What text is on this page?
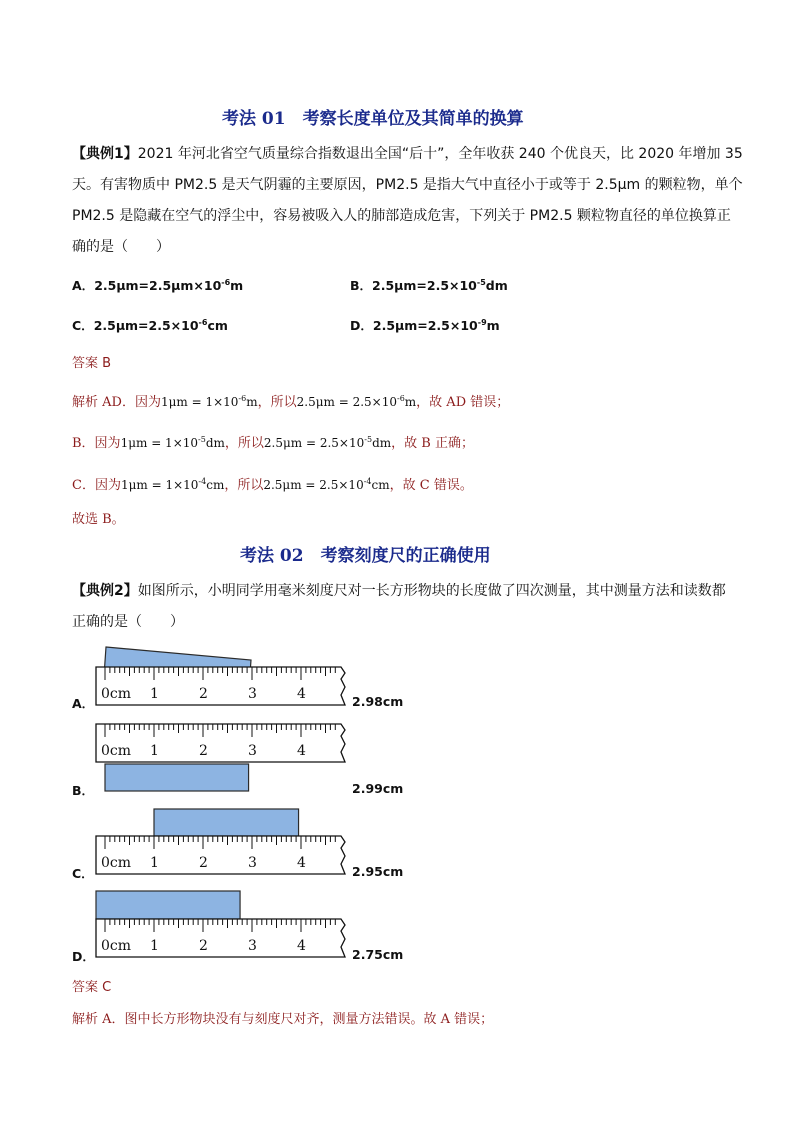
考法 01　考察长度单位及其简单的换算
【典例1】2021 年河北省空气质量综合指数退出全国“后十”，全年收获 240 个优良天，比 2020 年增加 35
天。有害物质中 PM2.5 是天气阴霾的主要原因，PM2.5 是指大气中直径小于或等于 2.5μm 的颗粒物，单个
PM2.5 是隐藏在空气的浮尘中，容易被吸入人的肺部造成危害，下列关于 PM2.5 颗粒物直径的单位换算正
确的是（　　）
A．$2.5\mu m=2.5\mu m\times 10^{-6}m$	B．$2.5\mu m=2.5\times 10^{-5}dm$
C．$2.5\mu m=2.5\times 10^{-6}cm$	D．$2.5\mu m=2.5\times 10^{-9}m$
答案 B
解析 AD．因为$1\mu m = 1\times 10^{-6}m$，所以$2.5\mu m = 2.5\times 10^{-6}m$，故 AD 错误；
B．因为$1\mu m = 1\times 10^{-5}dm$，所以$2.5\mu m = 2.5\times 10^{-5}dm$，故 B 正确；
C．因为$1\mu m = 1\times 10^{-4}cm$，所以$2.5\mu m = 2.5\times 10^{-4}cm$，故 C 错误。
故选 B。
考法 02　考察刻度尺的正确使用
【典例2】如图所示，小明同学用毫米刻度尺对一长方形物块的长度做了四次测量，其中测量方法和读数都
正确的是（　　）
0cm 1	2	3	4
0cm 1	2	3	4
0cm 1	2	3	4
0cm 1	2	3	4
A．	2.98cm
B．	2.99cm
C．	2.95cm
D．	2.75cm
答案 C
解析 A．图中长方形物块没有与刻度尺对齐，测量方法错误。故 A 错误；
